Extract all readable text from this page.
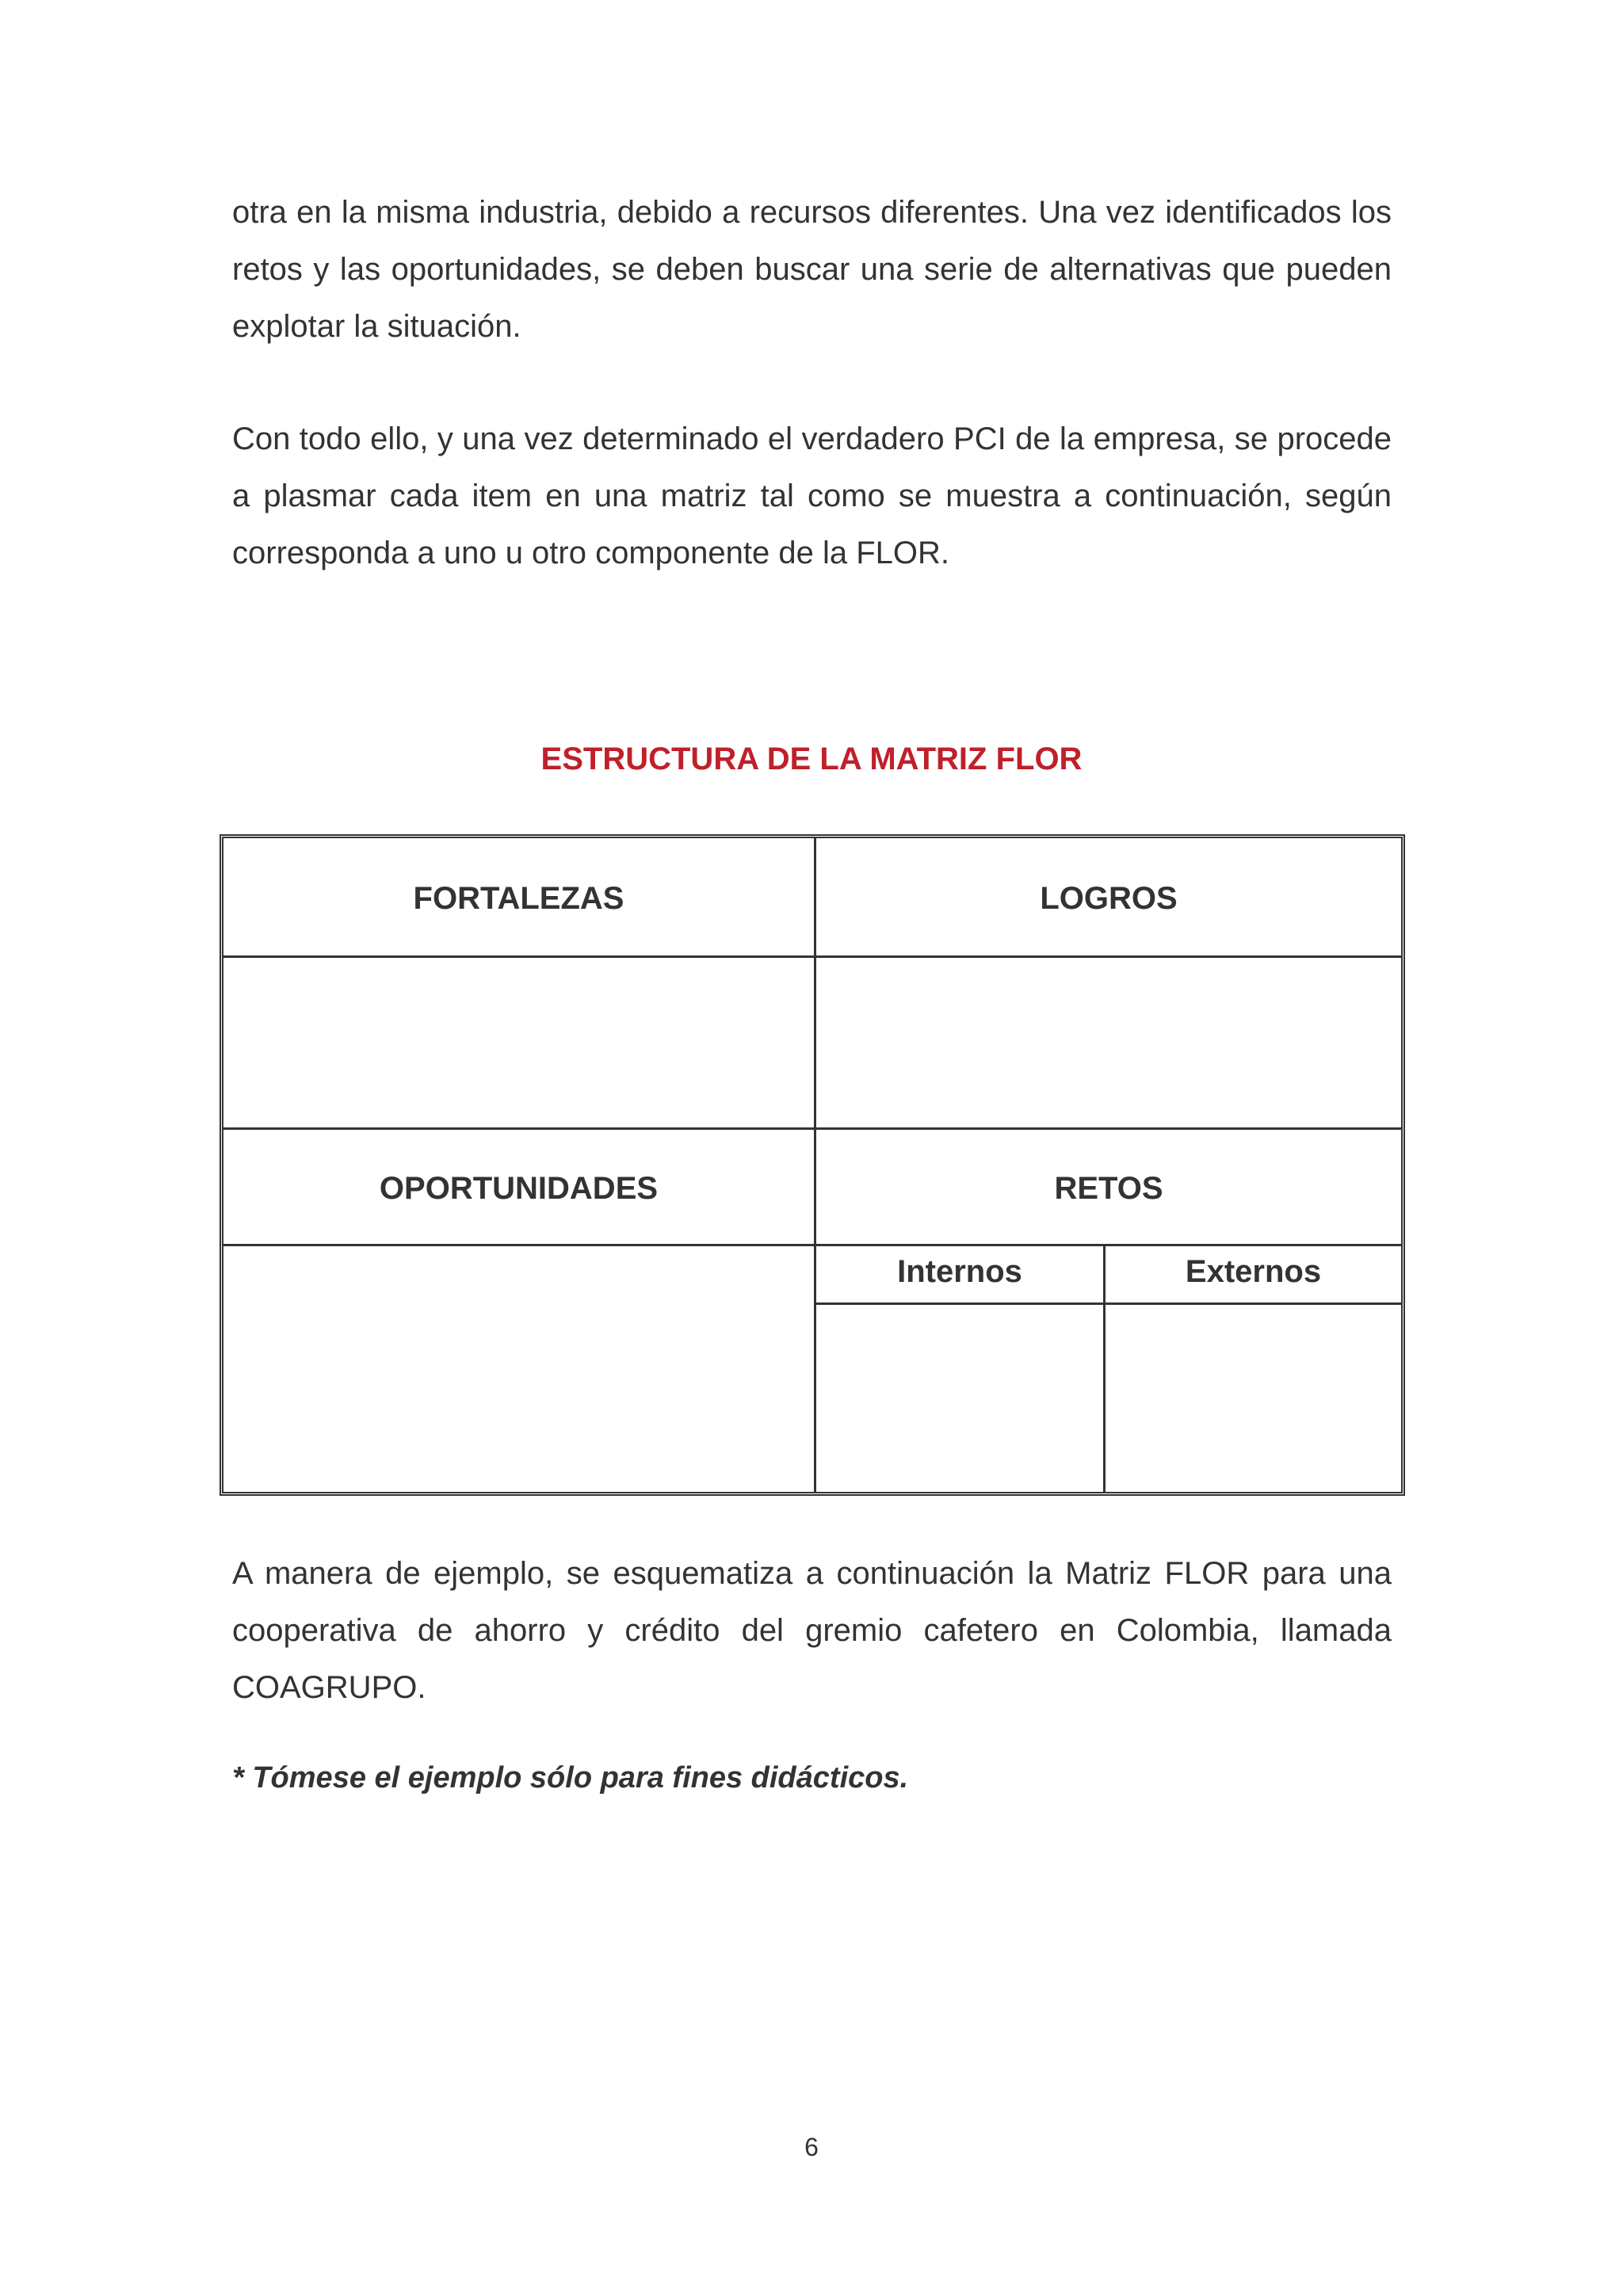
otra en la misma industria, debido a recursos diferentes. Una vez identificados los retos y las oportunidades, se deben buscar una serie de alternativas que pueden explotar la situación.

Con todo ello, y una vez determinado el verdadero PCI de la empresa, se procede a plasmar cada item en una matriz tal como se muestra a continuación, según corresponda a uno u otro componente de la FLOR.

ESTRUCTURA DE LA MATRIZ FLOR
FORTALEZAS	LOGROS
OPORTUNIDADES	RETOS
Internos	Externos

A manera de ejemplo, se esquematiza a continuación la Matriz FLOR para una cooperativa de ahorro y crédito del gremio cafetero en Colombia, llamada COAGRUPO.

* Tómese el ejemplo sólo para fines didácticos.
6
